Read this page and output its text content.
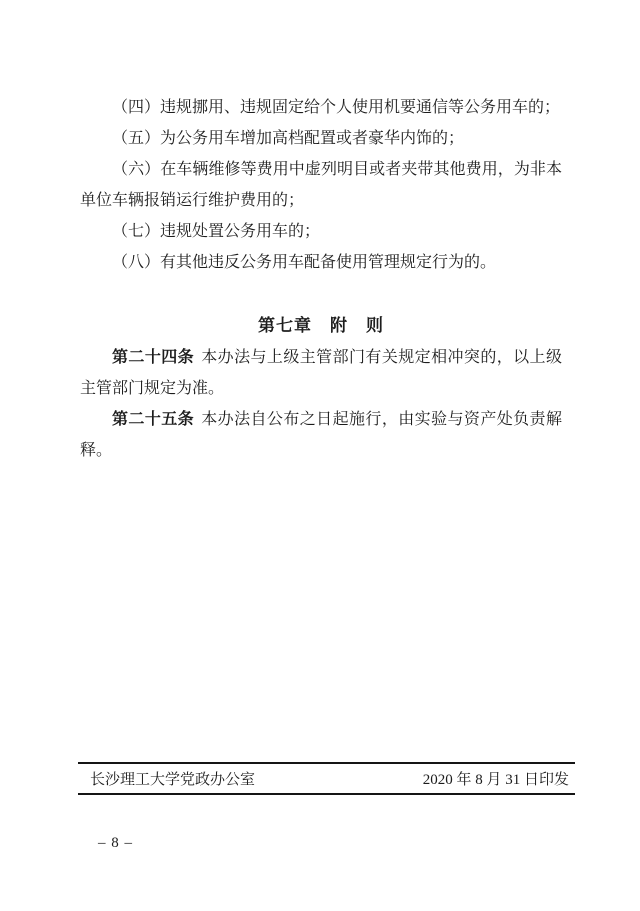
（四）违规挪用、违规固定给个人使用机要通信等公务用车的；

（五）为公务用车增加高档配置或者豪华内饰的；

（六）在车辆维修等费用中虚列明目或者夹带其他费用，为非本单位车辆报销运行维护费用的；

（七）违规处置公务用车的；

（八）有其他违反公务用车配备使用管理规定行为的。

第七章　附　则

第二十四条 本办法与上级主管部门有关规定相冲突的，以上级主管部门规定为准。

第二十五条 本办法自公布之日起施行，由实验与资产处负责解释。

长沙理工大学党政办公室	2020 年 8 月 31 日印发
– 8 –
